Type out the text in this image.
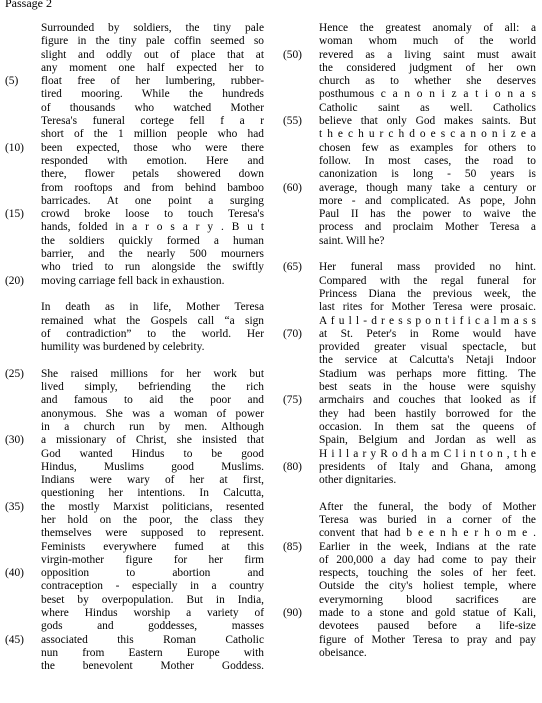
Passage 2
Surrounded by soldiers, the tiny pale
figure in the tiny pale coffin seemed so
slight and oddly out of place that at
any moment one half expected her to
(5) float free of her lumbering, rubber-
tired mooring. While the hundreds
of thousands who watched Mother
Teresa's funeral cortege fell f a r
short of the 1 million people who had
(10) been expected, those who were there
responded with emotion. Here and
there, flower petals showered down
from rooftops and from behind bamboo
barricades. At one point a surging
(15) crowd broke loose to touch Teresa's
hands, folded in a r o s a r y . B u t
the soldiers quickly formed a human
barrier, and the nearly 500 mourners
who tried to run alongside the swiftly
(20) moving carriage fell back in exhaustion.
In death as in life, Mother Teresa
remained what the Gospels call “a sign
of contradiction” to the world. Her
humility was burdened by celebrity.
(25) She raised millions for her work but
lived simply, befriending the rich
and famous to aid the poor and
anonymous. She was a woman of power
in a church run by men. Although
(30) a missionary of Christ, she insisted that
God wanted Hindus to be good
Hindus, Muslims good Muslims.
Indians were wary of her at first,
questioning her intentions. In Calcutta,
(35) the mostly Marxist politicians, resented
her hold on the poor, the class they
themselves were supposed to represent.
Feminists everywhere fumed at this
virgin-mother figure for her firm
(40) opposition to abortion and
contraception - especially in a country
beset by overpopulation. But in India,
where Hindus worship a variety of
gods and goddesses, masses
(45) associated this Roman Catholic
nun from Eastern Europe with
the benevolent Mother Goddess.
Hence the greatest anomaly of all: a
woman whom much of the world
(50) revered as a living saint must await
the considered judgment of her own
church as to whether she deserves
posthumous c a n o n i z a t i o n a s
Catholic saint as well. Catholics
(55) believe that only God makes saints. But
t h e c h u r c h d o e s c a n o n i z e a
chosen few as examples for others to
follow. In most cases, the road to
canonization is long - 50 years is
(60) average, though many take a century or
more - and complicated. As pope, John
Paul II has the power to waive the
process and proclaim Mother Teresa a
saint. Will he?
(65) Her funeral mass provided no hint.
Compared with the regal funeral for
Princess Diana the previous week, the
last rites for Mother Teresa were prosaic.
A f u l l - d r e s s p o n t i f i c a l m a s s
(70) at St. Peter's in Rome would have
provided greater visual spectacle, but
the service at Calcutta's Netaji Indoor
Stadium was perhaps more fitting. The
best seats in the house were squishy
(75) armchairs and couches that looked as if
they had been hastily borrowed for the
occasion. In them sat the queens of
Spain, Belgium and Jordan as well as
H i l l a r y R o d h a m C l i n t o n , t h e
(80) presidents of Italy and Ghana, among
other dignitaries.
After the funeral, the body of Mother
Teresa was buried in a corner of the
convent that had b e e n h e r h o m e .
(85) Earlier in the week, Indians at the rate
of 200,000 a day had come to pay their
respects, touching the soles of her feet.
Outside the city's holiest temple, where
everymorning blood sacrifices are
(90) made to a stone and gold statue of Kali,
devotees paused before a life-size
figure of Mother Teresa to pray and pay
obeisance.
